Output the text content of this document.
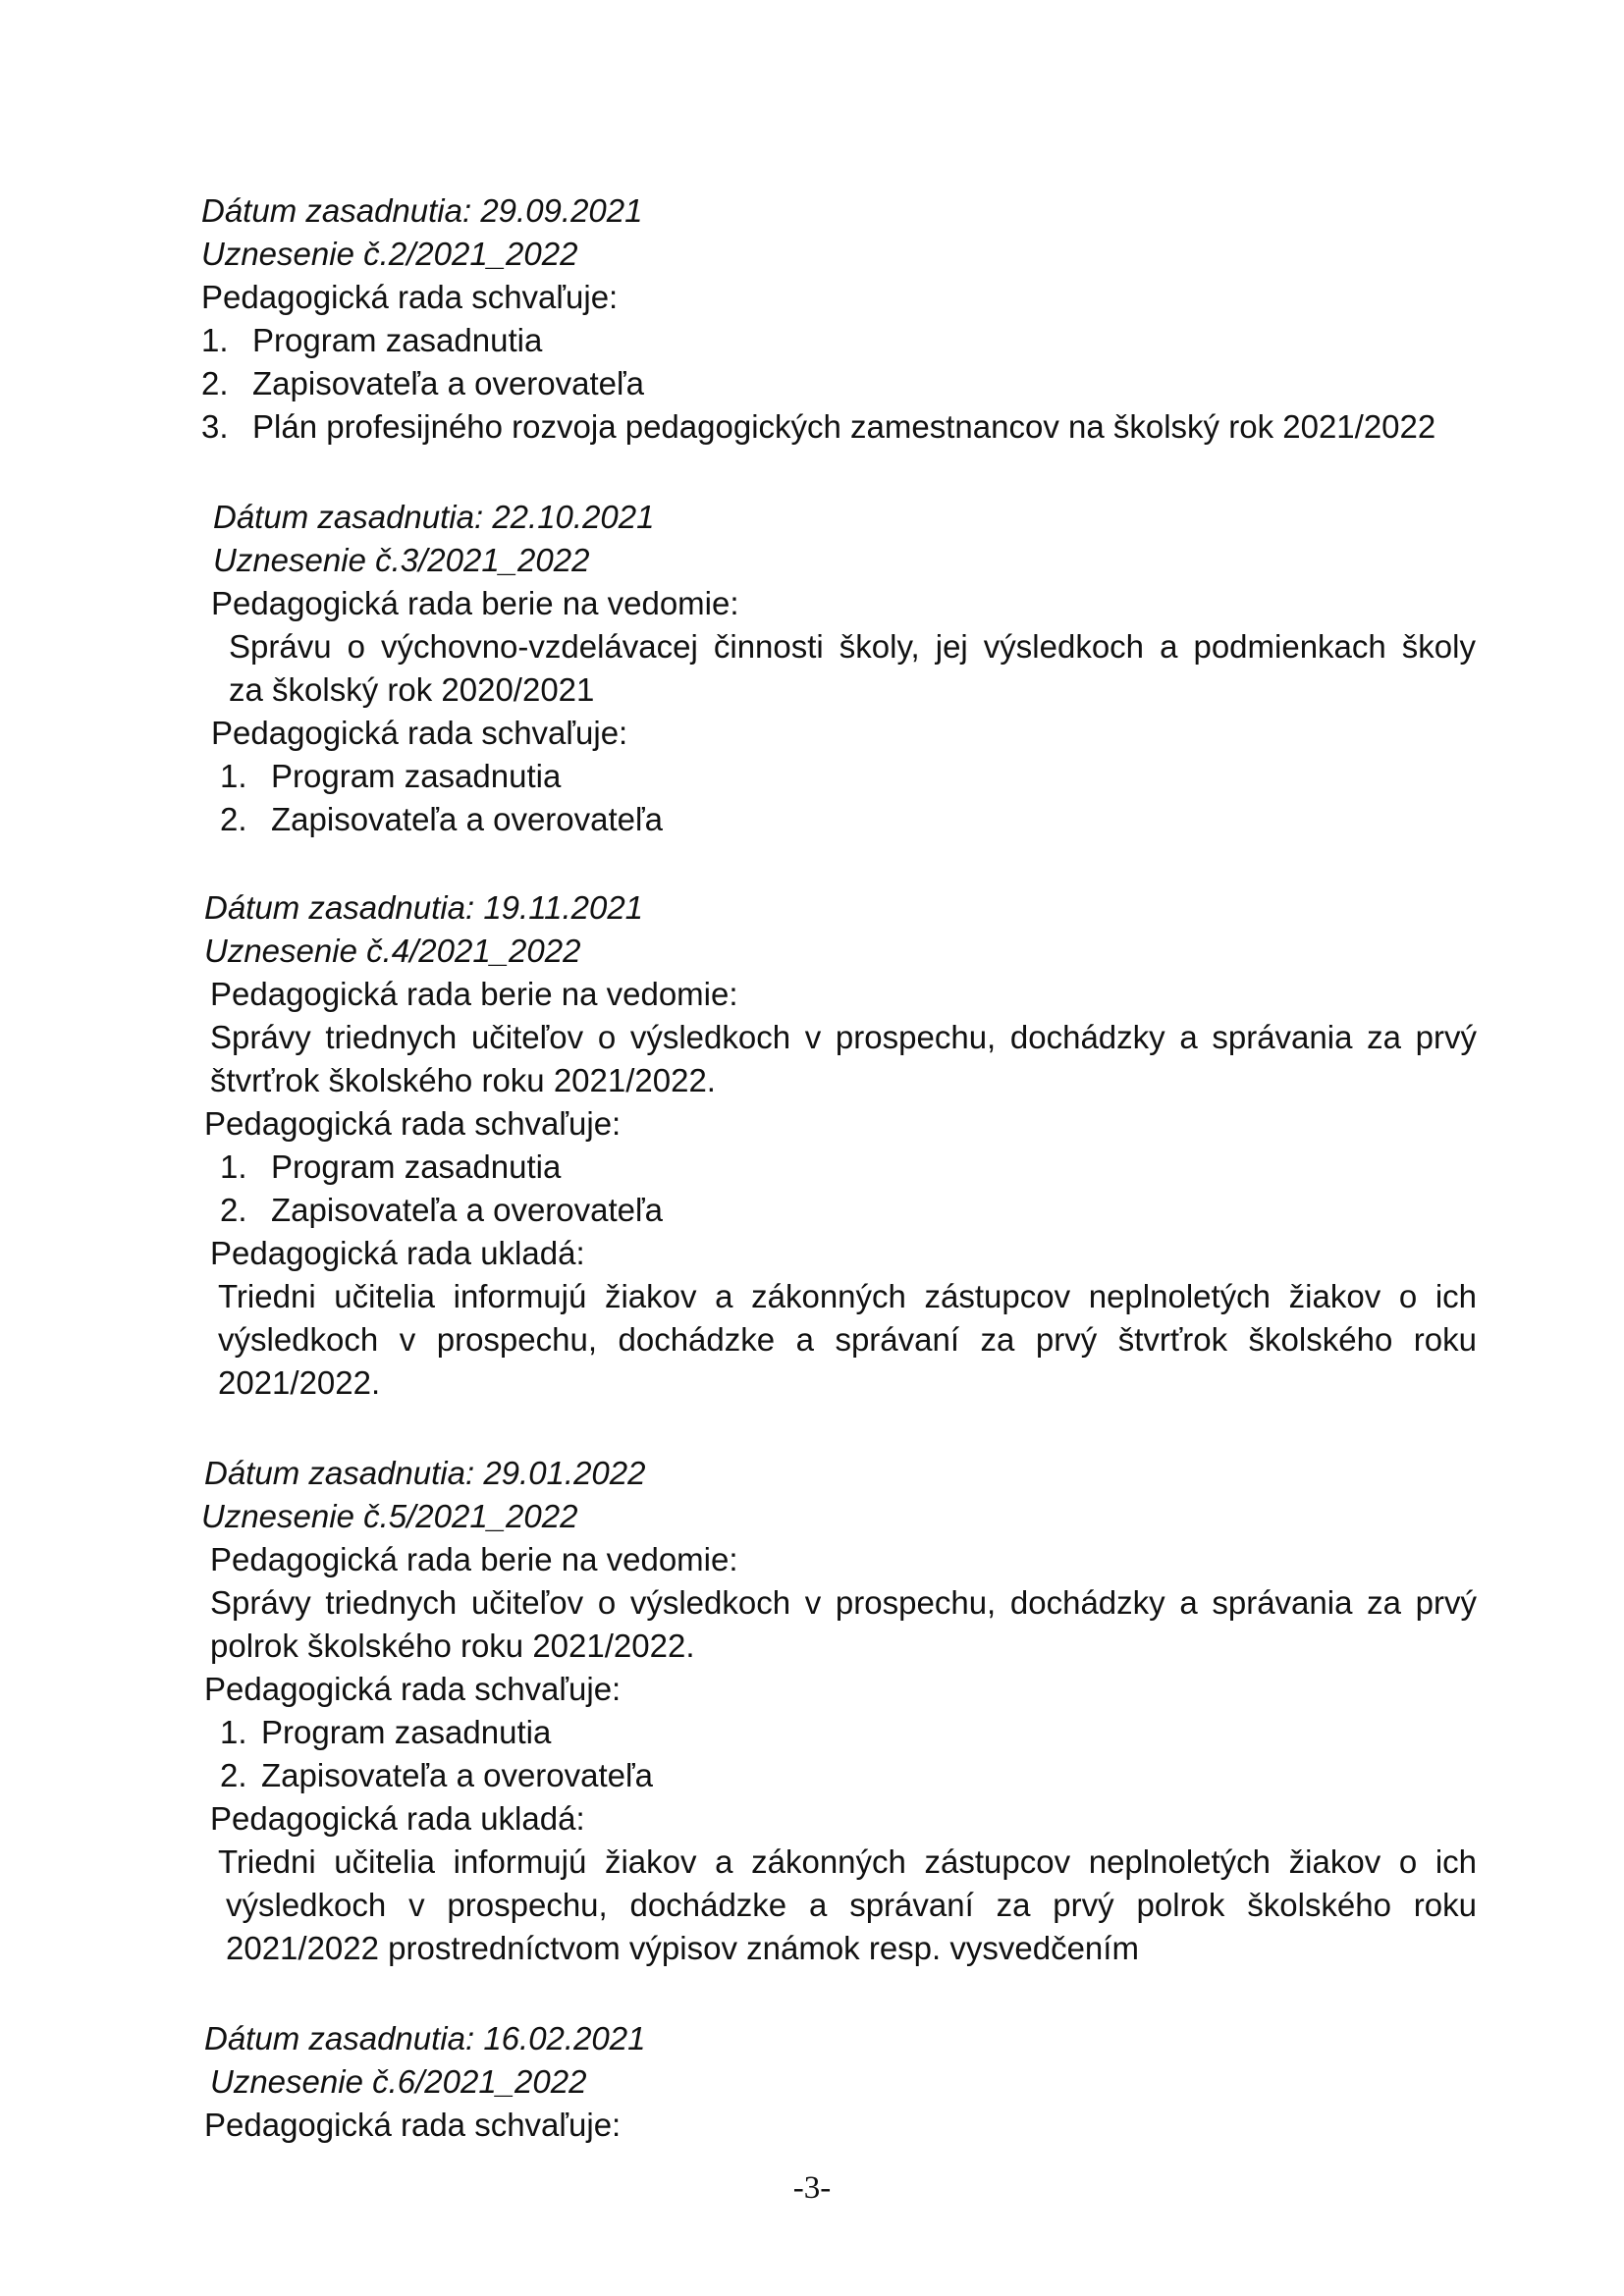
Dátum zasadnutia: 29.09.2021

Uznesenie č.2/2021_2022

Pedagogická rada schvaľuje:

1. Program zasadnutia

2. Zapisovateľa a overovateľa

3. Plán profesijného rozvoja pedagogických zamestnancov na školský rok 2021/2022

Dátum zasadnutia: 22.10.2021

Uznesenie č.3/2021_2022

Pedagogická rada berie na vedomie:

Správu o výchovno-vzdelávacej činnosti školy, jej výsledkoch a podmienkach školy

za školský rok 2020/2021

Pedagogická rada schvaľuje:

1. Program zasadnutia

2. Zapisovateľa a overovateľa

Dátum zasadnutia: 19.11.2021

Uznesenie č.4/2021_2022

Pedagogická rada berie na vedomie:

Správy triednych učiteľov o výsledkoch v prospechu, dochádzky a správania za prvý

štvrťrok školského roku 2021/2022.

Pedagogická rada schvaľuje:

1. Program zasadnutia

2. Zapisovateľa a overovateľa

Pedagogická rada ukladá:

Triedni učitelia informujú žiakov a zákonných zástupcov neplnoletých žiakov o ich

výsledkoch v prospechu, dochádzke a správaní za prvý štvrťrok školského roku

2021/2022.

Dátum zasadnutia: 29.01.2022

Uznesenie č.5/2021_2022

Pedagogická rada berie na vedomie:

Správy triednych učiteľov o výsledkoch v prospechu, dochádzky a správania za prvý

polrok školského roku 2021/2022.

Pedagogická rada schvaľuje:

1. Program zasadnutia

2. Zapisovateľa a overovateľa

Pedagogická rada ukladá:

Triedni učitelia informujú žiakov a zákonných zástupcov neplnoletých žiakov o ich

výsledkoch v prospechu, dochádzke a správaní za prvý polrok školského roku

2021/2022 prostredníctvom výpisov známok resp. vysvedčením

Dátum zasadnutia: 16.02.2021

Uznesenie č.6/2021_2022

Pedagogická rada schvaľuje:

-3-
